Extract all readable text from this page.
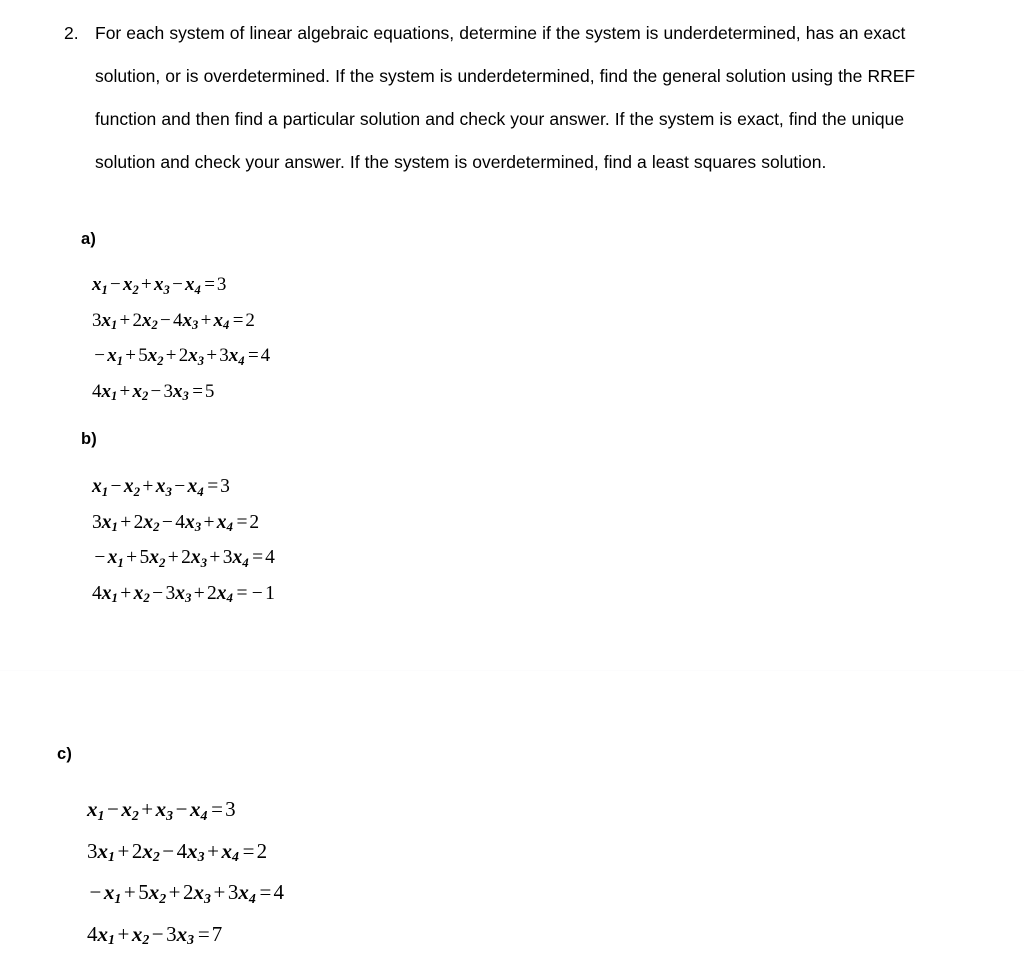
2. For each system of linear algebraic equations, determine if the system is underdetermined, has an exact solution, or is overdetermined. If the system is underdetermined, find the general solution using the RREF function and then find a particular solution and check your answer. If the system is exact, find the unique solution and check your answer. If the system is overdetermined, find a least squares solution.
a)
$x_1 - x_2 + x_3 - x_4 =3$
$3x_1 + 2x_2 - 4x_3 + x_4 =2$
− $x_1 + 5x_2 + 2x_3 + 3x_4 =4$
$4x_1 + x_2 - 3x_3 =5$
b)
$x_1 - x_2 + x_3 - x_4 =3$
$3x_1 + 2x_2 - 4x_3 + x_4 =2$
− $x_1 + 5x_2 + 2x_3 + 3x_4 =4$
$4x_1 + x_2 - 3x_3 + 2x_4$ = − 1
c)
$x_1 - x_2 + x_3 - x_4 =3$
$3x_1 + 2x_2 - 4x_3 + x_4 =2$
− $x_1 + 5x_2 + 2x_3 + 3x_4 =4$
$4x_1 + x_2 - 3x_3 =7$
